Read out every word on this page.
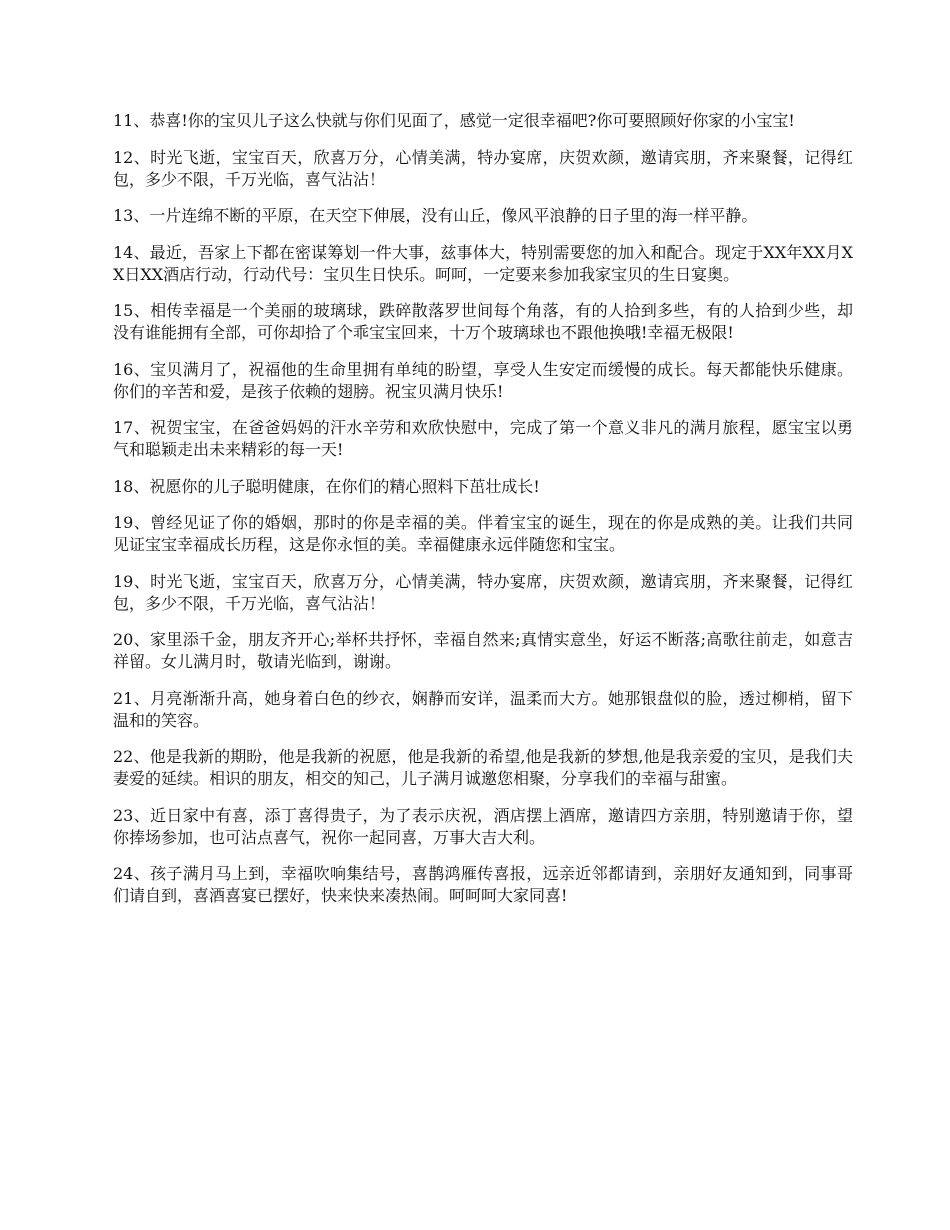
11、恭喜!你的宝贝儿子这么快就与你们见面了，感觉一定很幸福吧?你可要照顾好你家的小宝宝!

12、时光飞逝，宝宝百天，欣喜万分，心情美满，特办宴席，庆贺欢颜，邀请宾朋，齐来聚餐，记得红包，多少不限，千万光临，喜气沾沾！

13、一片连绵不断的平原，在天空下伸展，没有山丘，像风平浪静的日子里的海一样平静。

14、最近，吾家上下都在密谋筹划一件大事，兹事体大，特别需要您的加入和配合。现定于XX年XX月XX日XX酒店行动，行动代号：宝贝生日快乐。呵呵，一定要来参加我家宝贝的生日宴奥。

15、相传幸福是一个美丽的玻璃球，跌碎散落罗世间每个角落，有的人拾到多些，有的人拾到少些，却没有谁能拥有全部，可你却拾了个乖宝宝回来，十万个玻璃球也不跟他换哦!幸福无极限!

16、宝贝满月了，祝福他的生命里拥有单纯的盼望，享受人生安定而缓慢的成长。每天都能快乐健康。你们的辛苦和爱，是孩子依赖的翅膀。祝宝贝满月快乐!

17、祝贺宝宝，在爸爸妈妈的汗水辛劳和欢欣快慰中，完成了第一个意义非凡的满月旅程，愿宝宝以勇气和聪颖走出未来精彩的每一天!

18、祝愿你的儿子聪明健康，在你们的精心照料下茁壮成长!

19、曾经见证了你的婚姻，那时的你是幸福的美。伴着宝宝的诞生，现在的你是成熟的美。让我们共同见证宝宝幸福成长历程，这是你永恒的美。幸福健康永远伴随您和宝宝。

19、时光飞逝，宝宝百天，欣喜万分，心情美满，特办宴席，庆贺欢颜，邀请宾朋，齐来聚餐，记得红包，多少不限，千万光临，喜气沾沾！

20、家里添千金，朋友齐开心;举杯共抒怀，幸福自然来;真情实意坐，好运不断落;高歌往前走，如意吉祥留。女儿满月时，敬请光临到，谢谢。

21、月亮渐渐升高，她身着白色的纱衣，娴静而安详，温柔而大方。她那银盘似的脸，透过柳梢，留下温和的笑容。

22、他是我新的期盼，他是我新的祝愿，他是我新的希望,他是我新的梦想,他是我亲爱的宝贝，是我们夫妻爱的延续。相识的朋友，相交的知己，儿子满月诚邀您相聚，分享我们的幸福与甜蜜。

23、近日家中有喜，添丁喜得贵子，为了表示庆祝，酒店摆上酒席，邀请四方亲朋，特别邀请于你，望你捧场参加，也可沾点喜气，祝你一起同喜，万事大吉大利。

24、孩子满月马上到，幸福吹响集结号，喜鹊鸿雁传喜报，远亲近邻都请到，亲朋好友通知到，同事哥们请自到，喜酒喜宴已摆好，快来快来凑热闹。呵呵呵大家同喜!
